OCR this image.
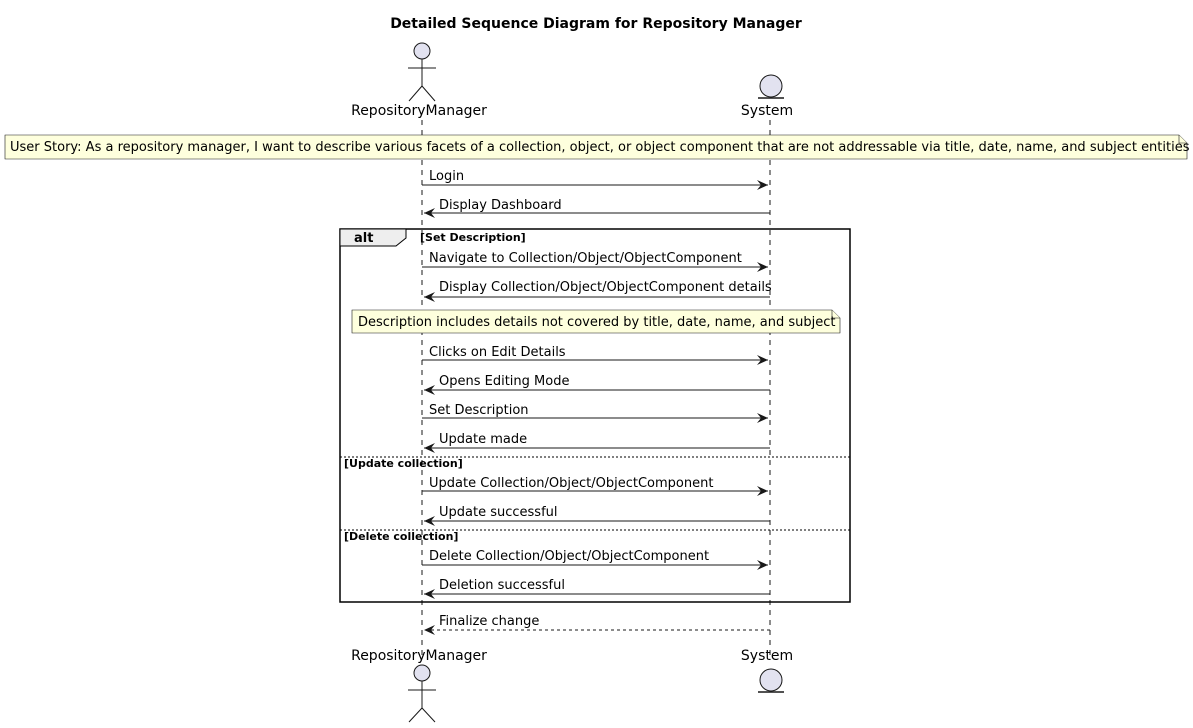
Detailed Sequence Diagram for Repository Manager
RepositoryManager	System
User Story: As a repository manager, I want to describe various facets of a collection, object, or object component that are not addressable via title, date, name, and subject entities
Login
Display Dashboard
alt	[Set Description]
Navigate to Collection/Object/ObjectComponent
Display Collection/Object/ObjectComponent details
Description includes details not covered by title, date, name, and subject
Clicks on Edit Details
Opens Editing Mode
Set Description
Update made
[Update collection]
Update Collection/Object/ObjectComponent
Update successful
[Delete collection]
Delete Collection/Object/ObjectComponent
Deletion successful
Finalize change
RepositoryManager	System
